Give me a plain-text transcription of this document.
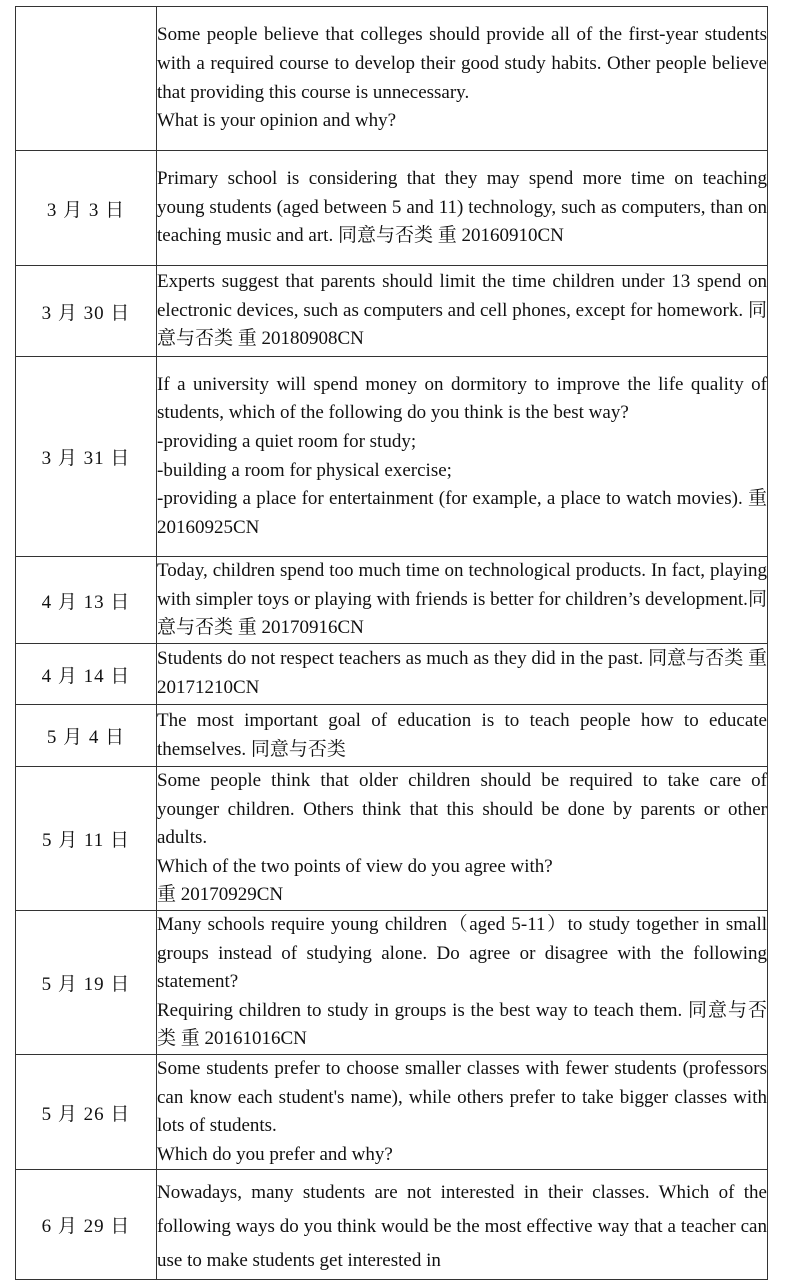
	Some people believe that colleges should provide all of the first-year students with a required course to develop their good study habits. Other people believe that providing this course is unnecessary.
What is your opinion and why?

3 月 3 日	Primary school is considering that they may spend more time on teaching young students (aged between 5 and 11) technology, such as computers, than on teaching music and art. 同意与否类 重 20160910CN

3 月 30 日	Experts suggest that parents should limit the time children under 13 spend on electronic devices, such as computers and cell phones, except for homework. 同意与否类 重 20180908CN

3 月 31 日	If a university will spend money on dormitory to improve the life quality of students, which of the following do you think is the best way?
-providing a quiet room for study;
-building a room for physical exercise;
-providing a place for entertainment (for example, a place to watch movies). 重 20160925CN

4 月 13 日	Today, children spend too much time on technological products. In fact, playing with simpler toys or playing with friends is better for children’s development.同意与否类 重 20170916CN

4 月 14 日	Students do not respect teachers as much as they did in the past. 同意与否类 重 20171210CN

5 月 4 日	The most important goal of education is to teach people how to educate themselves. 同意与否类

5 月 11 日	Some people think that older children should be required to take care of younger children. Others think that this should be done by parents or other adults.
Which of the two points of view do you agree with?
重 20170929CN

5 月 19 日	Many schools require young children（aged 5-11）to study together in small groups instead of studying alone. Do agree or disagree with the following statement?
Requiring children to study in groups is the best way to teach them. 同意与否类 重 20161016CN

5 月 26 日	Some students prefer to choose smaller classes with fewer students (professors can know each student's name), while others prefer to take bigger classes with lots of students.
Which do you prefer and why?

6 月 29 日	Nowadays, many students are not interested in their classes. Which of the following ways do you think would be the most effective way that a teacher can use to make students get interested in
